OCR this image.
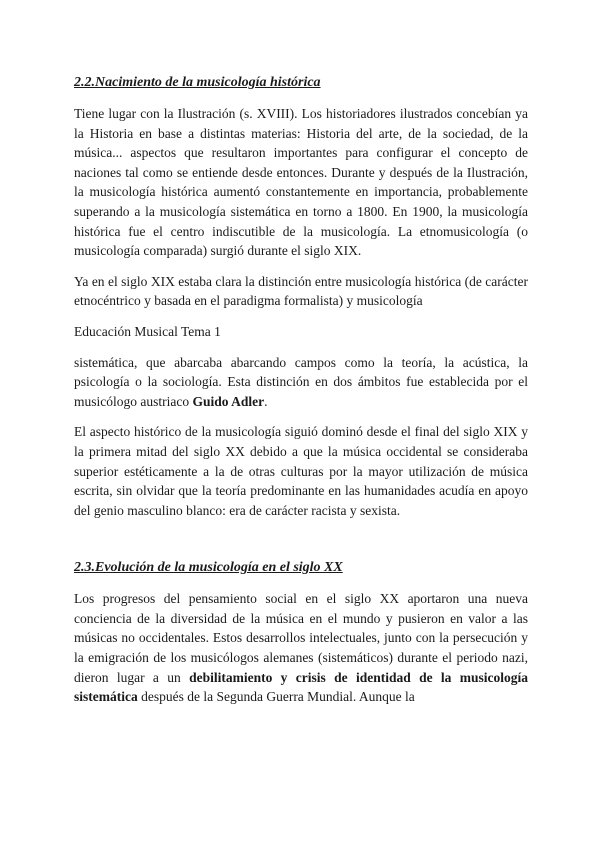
2.2.Nacimiento de la musicología histórica

Tiene lugar con la Ilustración (s. XVIII). Los historiadores ilustrados concebían ya la Historia en base a distintas materias: Historia del arte, de la sociedad, de la música... aspectos que resultaron importantes para configurar el concepto de naciones tal como se entiende desde entonces. Durante y después de la Ilustración, la musicología histórica aumentó constantemente en importancia, probablemente superando a la musicología sistemática en torno a 1800. En 1900, la musicología histórica fue el centro indiscutible de la musicología. La etnomusicología (o musicología comparada) surgió durante el siglo XIX.

Ya en el siglo XIX estaba clara la distinción entre musicología histórica (de carácter etnocéntrico y basada en el paradigma formalista) y musicología

Educación Musical Tema 1

sistemática, que abarcaba abarcando campos como la teoría, la acústica, la psicología o la sociología. Esta distinción en dos ámbitos fue establecida por el musicólogo austriaco Guido Adler.

El aspecto histórico de la musicología siguió dominó desde el final del siglo XIX y la primera mitad del siglo XX debido a que la música occidental se consideraba superior estéticamente a la de otras culturas por la mayor utilización de música escrita, sin olvidar que la teoría predominante en las humanidades acudía en apoyo del genio masculino blanco: era de carácter racista y sexista.

2.3.Evolución de la musicología en el siglo XX

Los progresos del pensamiento social en el siglo XX aportaron una nueva conciencia de la diversidad de la música en el mundo y pusieron en valor a las músicas no occidentales. Estos desarrollos intelectuales, junto con la persecución y la emigración de los musicólogos alemanes (sistemáticos) durante el periodo nazi, dieron lugar a un debilitamiento y crisis de identidad de la musicología sistemática después de la Segunda Guerra Mundial. Aunque la
